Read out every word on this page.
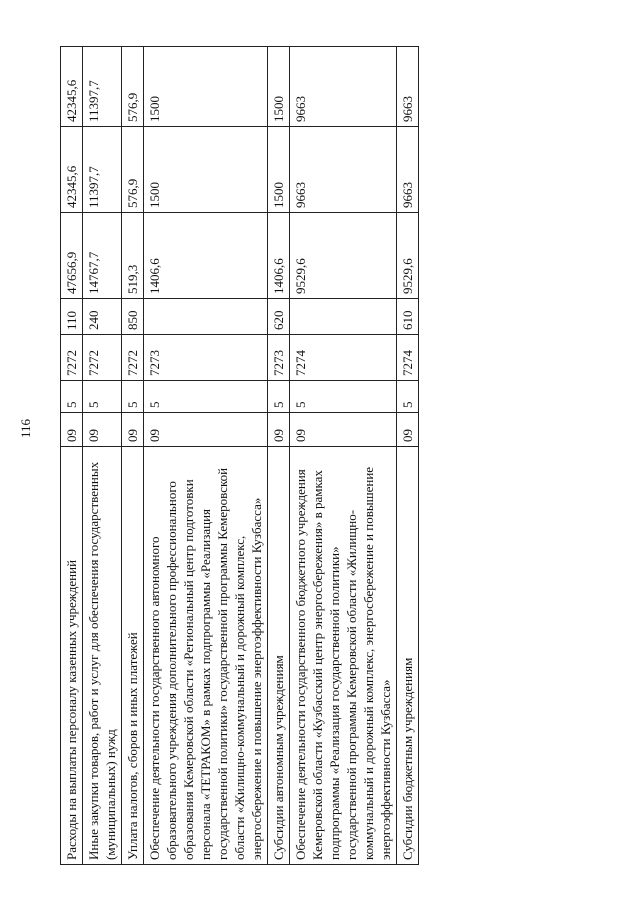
116
Расходы на выплаты персоналу казенных учреждений	09	5	7272	110	47656,9	42345,6	42345,6
Иные закупки товаров, работ и услуг для обеспечения государственных (муниципальных) нужд	09	5	7272	240	14767,7	11397,7	11397,7
Уплата налогов, сборов и иных платежей	09	5	7272	850	519,3	576,9	576,9
Обеспечение деятельности государственного автономного образовательного учреждения дополнительного профессионального образования Кемеровской области «Региональный центр подготовки персонала «ТЕТРАКОМ» в рамках подпрограммы «Реализация государственной политики» государственной программы Кемеровской области «Жилищно-коммунальный и дорожный комплекс, энергосбережение и повышение энергоэффективности Кузбасса»	09	5	7273		1406,6	1500	1500
Субсидии автономным учреждениям	09	5	7273	620	1406,6	1500	1500
Обеспечение деятельности государственного бюджетного учреждения Кемеровской области «Кузбасский центр энергосбережения» в рамках подпрограммы «Реализация государственной политики» государственной программы Кемеровской области «Жилищно-коммунальный и дорожный комплекс, энергосбережение и повышение энергоэффективности Кузбасса»	09	5	7274		9529,6	9663	9663
Субсидии бюджетным учреждениям	09	5	7274	610	9529,6	9663	9663
